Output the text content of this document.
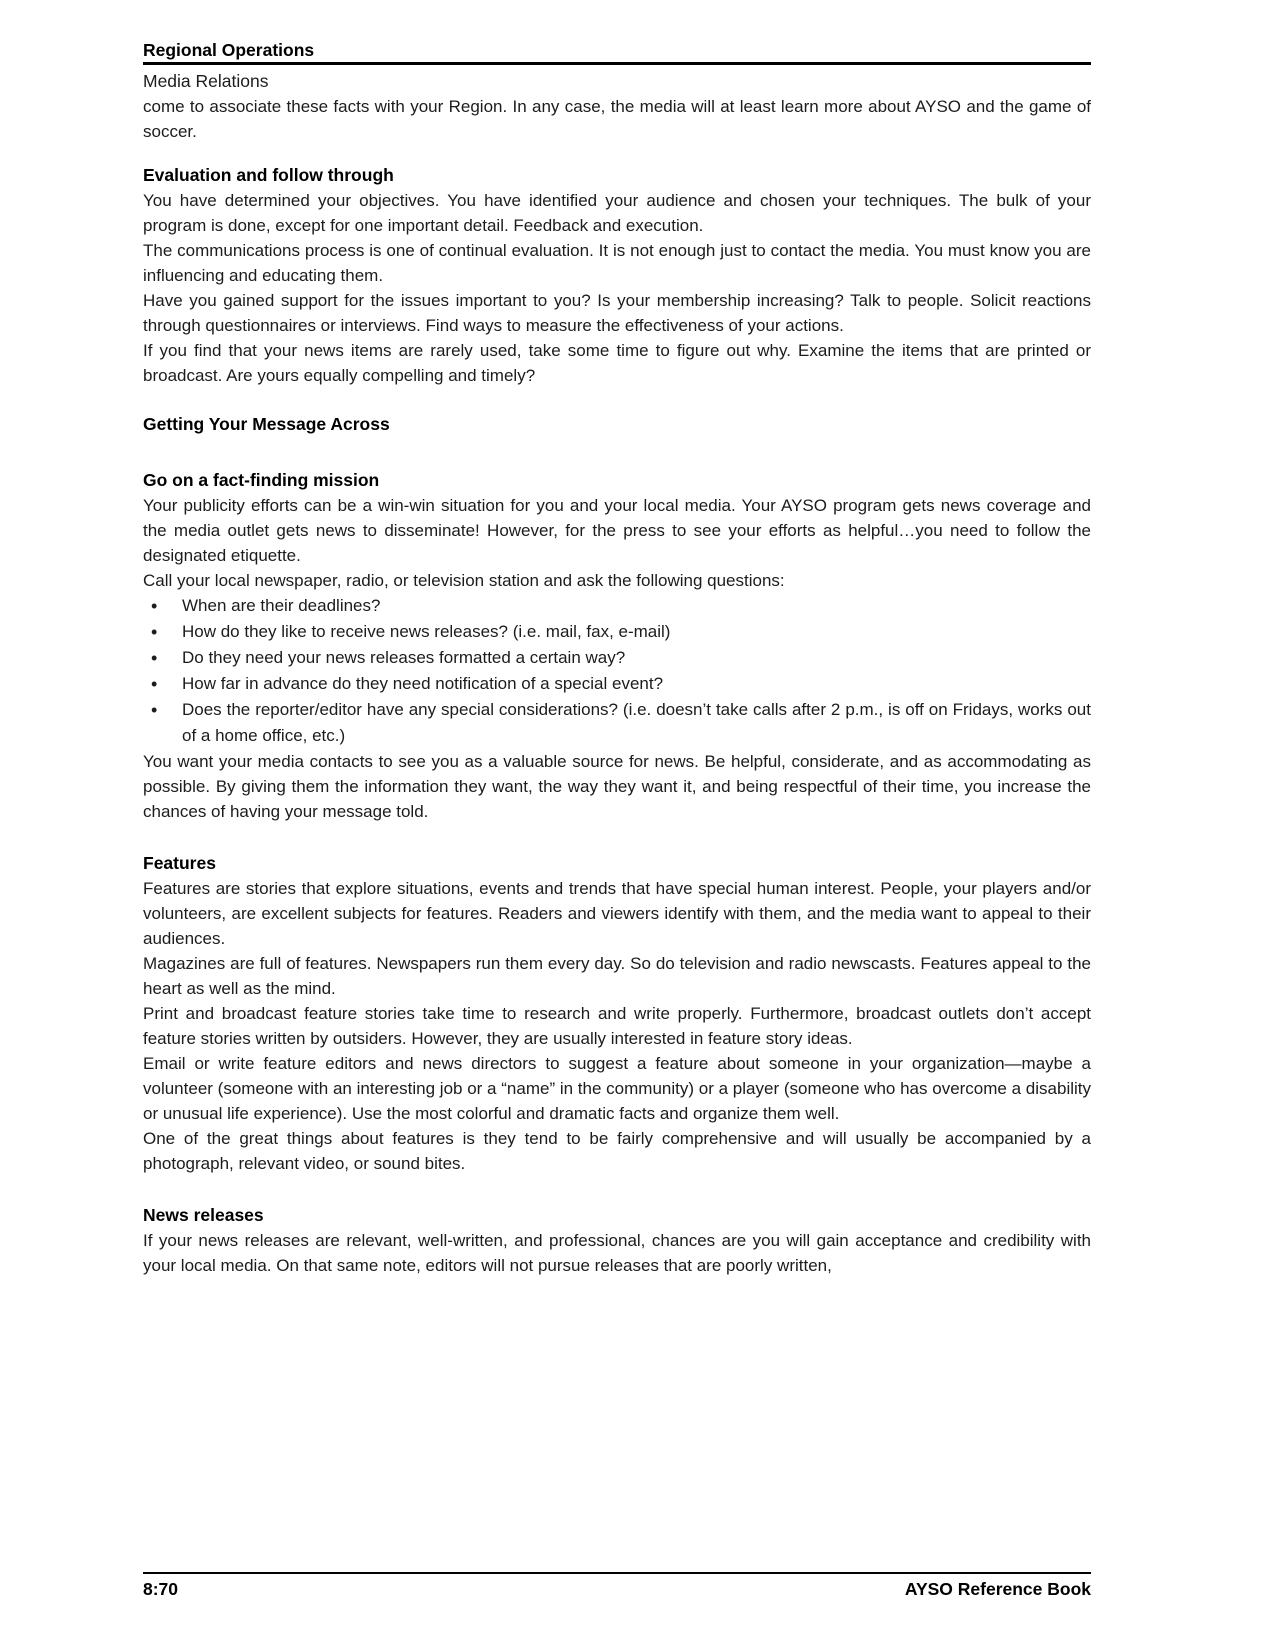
Regional Operations
Media Relations

come to associate these facts with your Region. In any case, the media will at least learn more about AYSO and the game of soccer.

Evaluation and follow through

You have determined your objectives. You have identified your audience and chosen your techniques. The bulk of your program is done, except for one important detail. Feedback and execution.

The communications process is one of continual evaluation. It is not enough just to contact the media. You must know you are influencing and educating them.

Have you gained support for the issues important to you? Is your membership increasing? Talk to people. Solicit reactions through questionnaires or interviews. Find ways to measure the effectiveness of your actions.

If you find that your news items are rarely used, take some time to figure out why. Examine the items that are printed or broadcast. Are yours equally compelling and timely?

Getting Your Message Across
Go on a fact-finding mission

Your publicity efforts can be a win-win situation for you and your local media. Your AYSO program gets news coverage and the media outlet gets news to disseminate! However, for the press to see your efforts as helpful…you need to follow the designated etiquette.

Call your local newspaper, radio, or television station and ask the following questions:

• When are their deadlines?
• How do they like to receive news releases? (i.e. mail, fax, e-mail)
• Do they need your news releases formatted a certain way?
• How far in advance do they need notification of a special event?
• Does the reporter/editor have any special considerations? (i.e. doesn’t take calls after 2 p.m., is off on Fridays, works out of a home office, etc.)

You want your media contacts to see you as a valuable source for news. Be helpful, considerate, and as accommodating as possible. By giving them the information they want, the way they want it, and being respectful of their time, you increase the chances of having your message told.

Features

Features are stories that explore situations, events and trends that have special human interest. People, your players and/or volunteers, are excellent subjects for features. Readers and viewers identify with them, and the media want to appeal to their audiences.

Magazines are full of features. Newspapers run them every day. So do television and radio newscasts. Features appeal to the heart as well as the mind.

Print and broadcast feature stories take time to research and write properly. Furthermore, broadcast outlets don’t accept feature stories written by outsiders. However, they are usually interested in feature story ideas.

Email or write feature editors and news directors to suggest a feature about someone in your organization—maybe a volunteer (someone with an interesting job or a “name” in the community) or a player (someone who has overcome a disability or unusual life experience). Use the most colorful and dramatic facts and organize them well.

One of the great things about features is they tend to be fairly comprehensive and will usually be accompanied by a photograph, relevant video, or sound bites.

News releases

If your news releases are relevant, well-written, and professional, chances are you will gain acceptance and credibility with your local media. On that same note, editors will not pursue releases that are poorly written,

8:70	AYSO Reference Book
